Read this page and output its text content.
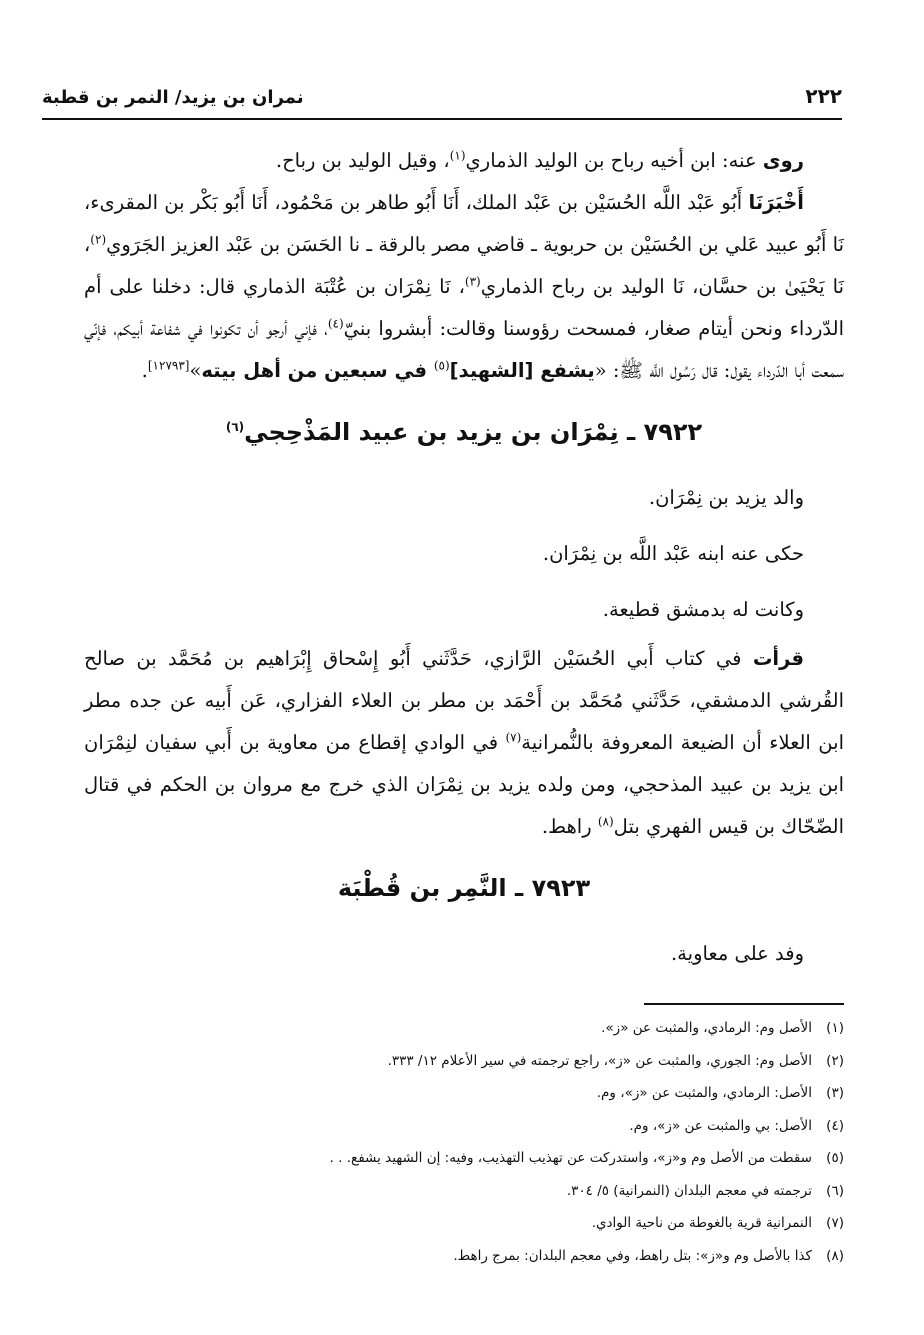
٢٢٢
نمران بن يزيد/ النمر بن قطبة

روى عنه: ابن أخيه رباح بن الوليد الذماري$^{(١)}$، وقيل الوليد بن رباح.

أَخْبَرَنَا أَبُو عَبْد اللَّه الحُسَيْن بن عَبْد الملك، أَنَا أَبُو طاهر بن مَحْمُود، أَنَا أَبُو بَكْر بن المقرىء، نَا أَبُو عبيد عَلي بن الحُسَيْن بن حربوية ـ قاضي مصر بالرقة ـ نا الحَسَن بن عَبْد العزيز الجَرَوي$^{(٢)}$، نَا يَحْيَىٰ بن حسَّان، نَا الوليد بن رباح الذماري$^{(٣)}$، نَا نِمْرَان بن عُتْبَة الذماري قال: دخلنا على أم الدّرداء ونحن أيتام صغار، فمسحت رؤوسنا وقالت: أبشروا بنيّ$^{(٤)}$، فإني أرجو أن تكونوا في شفاعة أبيكم، فإنّي سمعت أبا الدّرداء يقول: قال رَسُول اللَّه ﷺ: «يشفع [الشهيد]$^{(٥)}$ في سبعين من أهل بيته»[١٢٧٩٣].

٧٩٢٢ ـ نِمْرَان بن يزيد بن عبيد المَذْحِجي$^{(٦)}$

والد يزيد بن نِمْرَان.

حكى عنه ابنه عَبْد اللَّه بن نِمْرَان.

وكانت له بدمشق قطيعة.

قرأت في كتاب أَبي الحُسَيْن الرَّازي، حَدَّثَني أَبُو إِسْحاق إِبْرَاهيم بن مُحَمَّد بن صالح القُرشي الدمشقي، حَدَّثَني مُحَمَّد بن أَحْمَد بن مطر بن العلاء الفزاري، عَن أَبيه عن جده مطر ابن العلاء أن الضيعة المعروفة بالنُّمرانية$^{(٧)}$ في الوادي إقطاع من معاوية بن أَبي سفيان لنِمْرَان ابن يزيد بن عبيد المذحجي، ومن ولده يزيد بن نِمْرَان الذي خرج مع مروان بن الحكم في قتال الضّحّاك بن قيس الفهري بتل$^{(٨)}$ راهط.

٧٩٢٣ ـ النَّمِر بن قُطْبَة

وفد على معاوية.

(١)
الأصل وم: الرمادي، والمثبت عن «ز».
(٢)
الأصل وم: الجوري، والمثبت عن «ز»، راجع ترجمته في سير الأعلام ١٢/ ٣٣٣.
(٣)
الأصل: الرمادي، والمثبت عن «ز»، وم.
(٤)
الأصل: بي والمثبت عن «ز»، وم.
(٥)
سقطت من الأصل وم و«ز»، واستدركت عن تهذيب التهذيب، وفيه: إن الشهيد يشفع. . .
(٦)
ترجمته في معجم البلدان (النمرانية) ٥/ ٣٠٤.
(٧)
النمرانية قرية بالغوطة من ناحية الوادي.
(٨)
كذا بالأصل وم و«ز»: بتل راهط، وفي معجم البلدان: بمرج راهط.
